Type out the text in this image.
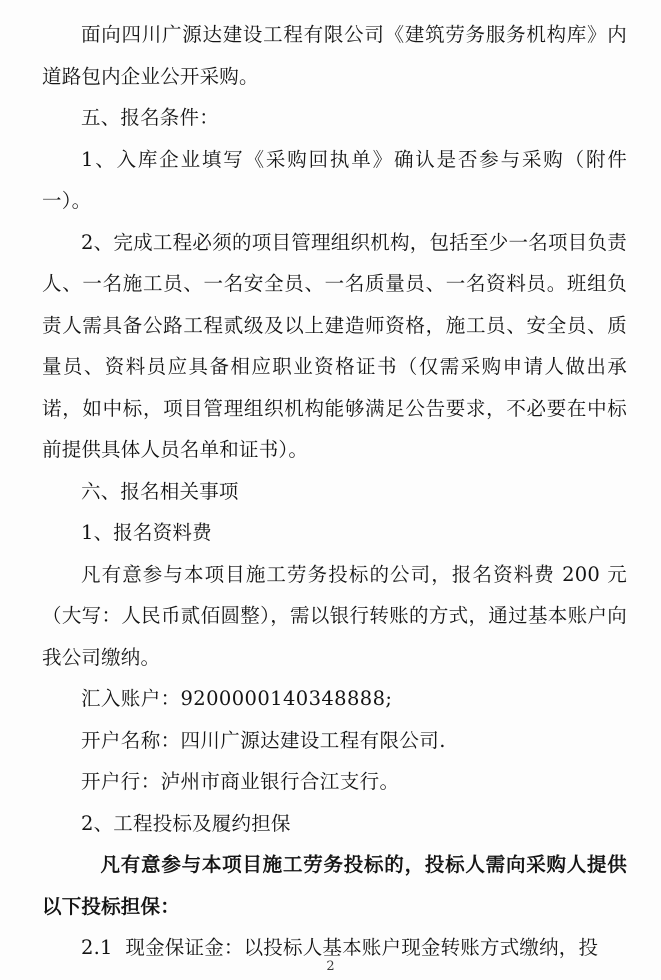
面向四川广源达建设工程有限公司《建筑劳务服务机构库》内道路包内企业公开采购。

五、报名条件：

1、入库企业填写《采购回执单》确认是否参与采购（附件一）。

2、完成工程必须的项目管理组织机构，包括至少一名项目负责人、一名施工员、一名安全员、一名质量员、一名资料员。班组负责人需具备公路工程贰级及以上建造师资格，施工员、安全员、质量员、资料员应具备相应职业资格证书（仅需采购申请人做出承诺，如中标，项目管理组织机构能够满足公告要求，不必要在中标前提供具体人员名单和证书）。

六、报名相关事项

1、报名资料费

凡有意参与本项目施工劳务投标的公司，报名资料费 200 元（大写：人民币贰佰圆整），需以银行转账的方式，通过基本账户向我公司缴纳。

汇入账户：9200000140348888;

开户名称：四川广源达建设工程有限公司.

开户行：泸州市商业银行合江支行。

2、工程投标及履约担保

凡有意参与本项目施工劳务投标的，投标人需向采购人提供以下投标担保：

2.1  现金保证金：以投标人基本账户现金转账方式缴纳，投

2
